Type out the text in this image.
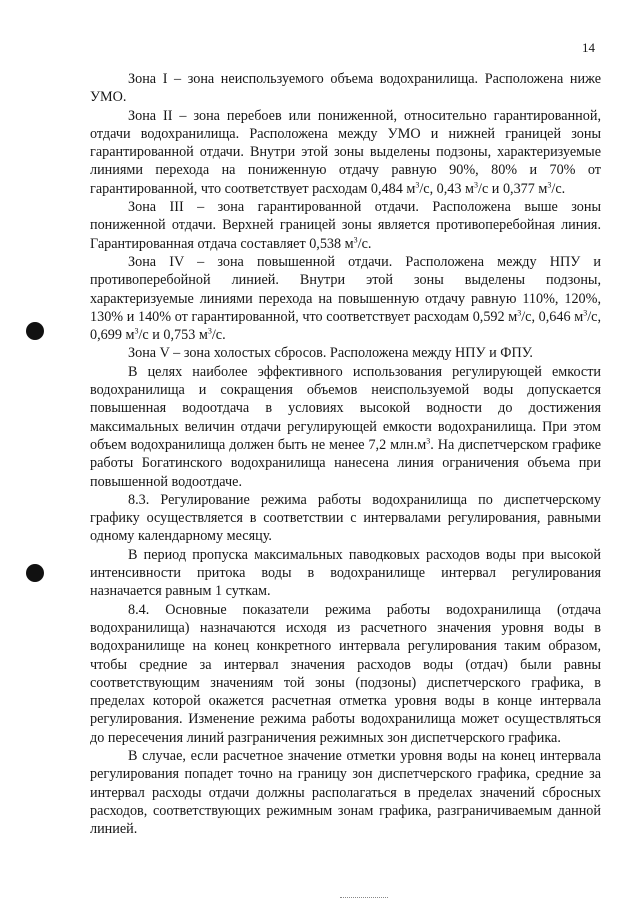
14

Зона I – зона неиспользуемого объема водохранилища. Расположена ниже УМО.

Зона II – зона перебоев или пониженной, относительно гарантированной, отдачи водохранилища. Расположена между УМО и нижней границей зоны гарантированной отдачи. Внутри этой зоны выделены подзоны, характеризуемые линиями перехода на пониженную отдачу равную 90%, 80% и 70% от гарантированной, что соответствует расходам 0,484 $м^3/с$, 0,43 $м^3/с$ и 0,377 $м^3/с$.

Зона III – зона гарантированной отдачи. Расположена выше зоны пониженной отдачи. Верхней границей зоны является противоперебойная линия. Гарантированная отдача составляет 0,538 $м^3/с$.

Зона IV – зона повышенной отдачи. Расположена между НПУ и противоперебойной линией. Внутри этой зоны выделены подзоны, характеризуемые линиями перехода на повышенную отдачу равную 110%, 120%, 130% и 140% от гарантированной, что соответствует расходам 0,592 $м^3/с$, 0,646 $м^3/с$, 0,699 $м^3/с$ и 0,753 $м^3/с$.

Зона V – зона холостых сбросов. Расположена между НПУ и ФПУ.

В целях наиболее эффективного использования регулирующей емкости водохранилища и сокращения объемов неиспользуемой воды допускается повышенная водоотдача в условиях высокой водности до достижения максимальных величин отдачи регулирующей емкости водохранилища. При этом объем водохранилища должен быть не менее 7,2 $млн.м^3$. На диспетчерском графике работы Богатинского водохранилища нанесена линия ограничения объема при повышенной водоотдаче.

8.3. Регулирование режима работы водохранилища по диспетчерскому графику осуществляется в соответствии с интервалами регулирования, равными одному календарному месяцу.

В период пропуска максимальных паводковых расходов воды при высокой интенсивности притока воды в водохранилище интервал регулирования назначается равным 1 суткам.

8.4. Основные показатели режима работы водохранилища (отдача водохранилища) назначаются исходя из расчетного значения уровня воды в водохранилище на конец конкретного интервала регулирования таким образом, чтобы средние за интервал значения расходов воды (отдач) были равны соответствующим значениям той зоны (подзоны) диспетчерского графика, в пределах которой окажется расчетная отметка уровня воды в конце интервала регулирования. Изменение режима работы водохранилища может осуществляться до пересечения линий разграничения режимных зон диспетчерского графика.

В случае, если расчетное значение отметки уровня воды на конец интервала регулирования попадет точно на границу зон диспетчерского графика, средние за интервал расходы отдачи должны располагаться в пределах значений сбросных расходов, соответствующих режимным зонам графика, разграничиваемым данной линией.
